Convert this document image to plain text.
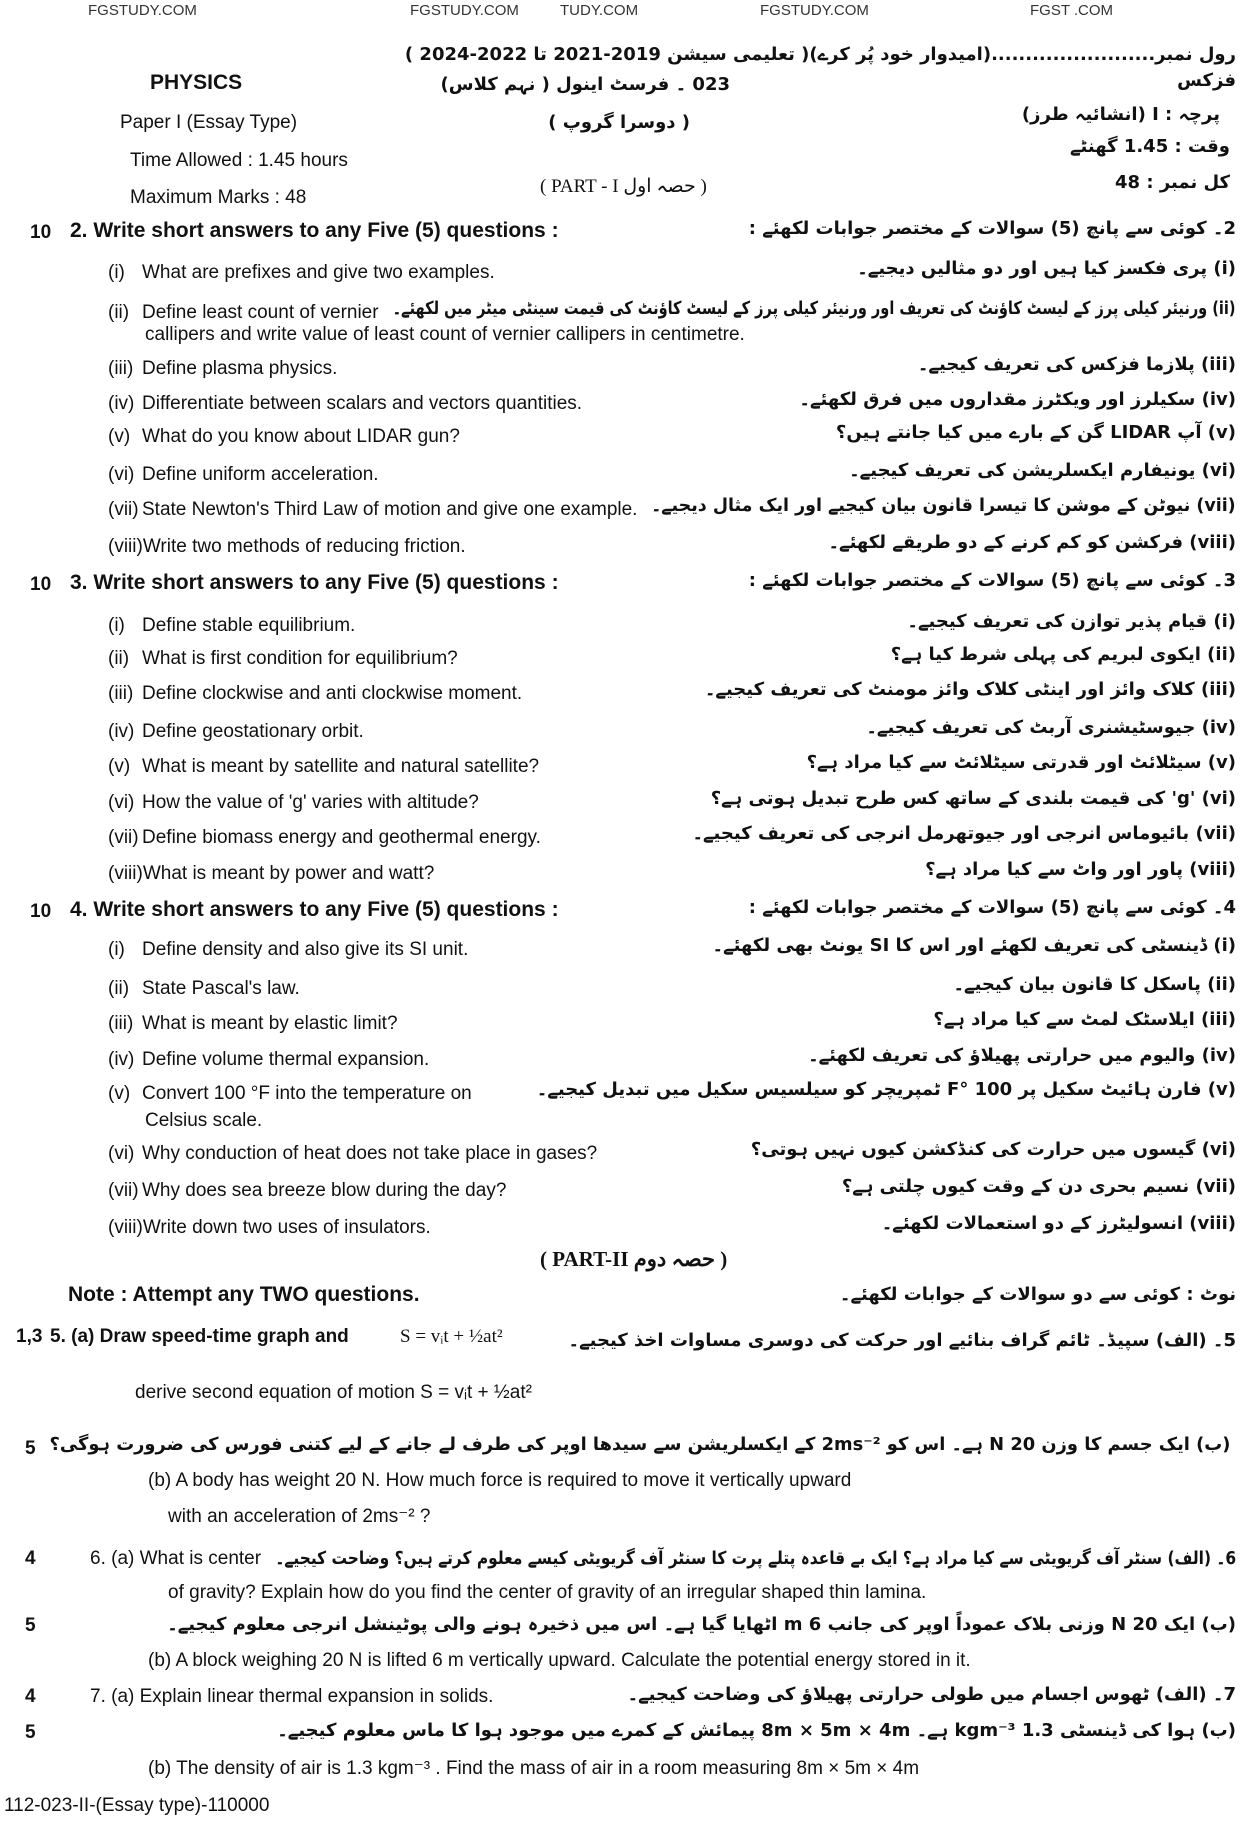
FGSTUDY.COM	FGSTUDY.COM	TUDY.COM	FGSTUDY.COM	FGST .COM
رول نمبر........................(امیدوار خود پُر کرے)( تعلیمی سیشن 2019-2021 تا 2022-2024 )
PHYSICS	فزکس
023 ۔ فرسٹ اینول ( نہم کلاس)
Paper I (Essay Type)	( دوسرا گروپ )	پرچہ : I (انشائیہ طرز)
Time Allowed : 1.45 hours
وقت : 1.45 گھنٹے
Maximum Marks : 48
کل نمبر : 48
( PART - I حصہ اول )
10 2. Write short answers to any Five (5) questions :	2۔ کوئی سے پانچ (5) سوالات کے مختصر جوابات لکھئے :
(i) What are prefixes and give two examples.	(i) پری فکسز کیا ہیں اور دو مثالیں دیجیے۔
(ii) Define least count of vernier (ii) ورنیئر کیلی پرز کے لیسٹ کاؤنٹ کی تعریف اور ورنیئر کیلی پرز کے لیسٹ کاؤنٹ کی قیمت سینٹی میٹر میں لکھئے۔
callipers and write value of least count of vernier callipers in centimetre.
(iii) Define plasma physics.	(iii) پلازما فزکس کی تعریف کیجیے۔
(iv) Differentiate between scalars and vectors quantities.	(iv) سکیلرز اور ویکٹرز مقداروں میں فرق لکھئے۔
(v) What do you know about LIDAR gun?	(v) آپ LIDAR گن کے بارے میں کیا جانتے ہیں؟
(vi) Define uniform acceleration.	(vi) یونیفارم ایکسلریشن کی تعریف کیجیے۔
(vii) State Newton's Third Law of motion and give one example. (vii) نیوٹن کے موشن کا تیسرا قانون بیان کیجیے اور ایک مثال دیجیے۔
(viii)Write two methods of reducing friction.	(viii) فرکشن کو کم کرنے کے دو طریقے لکھئے۔
10 3. Write short answers to any Five (5) questions :	3۔ کوئی سے پانچ (5) سوالات کے مختصر جوابات لکھئے :
(i) Define stable equilibrium.	(i) قیام پذیر توازن کی تعریف کیجیے۔
(ii) What is first condition for equilibrium?	(ii) ایکوی لبریم کی پہلی شرط کیا ہے؟
(iii) Define clockwise and anti clockwise moment.	(iii) کلاک وائز اور اینٹی کلاک وائز مومنٹ کی تعریف کیجیے۔
(iv) Define geostationary orbit.	(iv) جیوسٹیشنری آربٹ کی تعریف کیجیے۔
(v) What is meant by satellite and natural satellite?	(v) سیٹلائٹ اور قدرتی سیٹلائٹ سے کیا مراد ہے؟
(vi) How the value of 'g' varies with altitude?	(vi) 'g' کی قیمت بلندی کے ساتھ کس طرح تبدیل ہوتی ہے؟
(vii) Define biomass energy and geothermal energy.	(vii) بائیوماس انرجی اور جیوتھرمل انرجی کی تعریف کیجیے۔
(viii)What is meant by power and watt?	(viii) پاور اور واٹ سے کیا مراد ہے؟
10 4. Write short answers to any Five (5) questions :	4۔ کوئی سے پانچ (5) سوالات کے مختصر جوابات لکھئے :
(i) Define density and also give its SI unit.	(i) ڈینسٹی کی تعریف لکھئے اور اس کا SI یونٹ بھی لکھئے۔
(ii) State Pascal's law.	(ii) پاسکل کا قانون بیان کیجیے۔
(iii) What is meant by elastic limit?	(iii) ایلاسٹک لمٹ سے کیا مراد ہے؟
(iv) Define volume thermal expansion.	(iv) والیوم میں حرارتی پھیلاؤ کی تعریف لکھئے۔
(v) Convert 100 °F into the temperature on	(v) فارن ہائیٹ سکیل پر 100 °F ٹمپریچر کو سیلسیس سکیل میں تبدیل کیجیے۔
Celsius scale.
(vi) Why conduction of heat does not take place in gases?	(vi) گیسوں میں حرارت کی کنڈکشن کیوں نہیں ہوتی؟
(vii) Why does sea breeze blow during the day?	(vii) نسیم بحری دن کے وقت کیوں چلتی ہے؟
(viii)Write down two uses of insulators.	(viii) انسولیٹرز کے دو استعمالات لکھئے۔
( PART-II حصہ دوم )
Note : Attempt any TWO questions.	نوٹ : کوئی سے دو سوالات کے جوابات لکھئے۔
1,3 5. (a) Draw speed-time graph and	S = vᵢt + ½at²	5۔ (الف) سپیڈ۔ ٹائم گراف بنائیے اور حرکت کی دوسری مساوات اخذ کیجیے۔
derive second equation of motion S = vᵢt + ½at²
5 (ب) ایک جسم کا وزن 20 N ہے۔ اس کو 2ms⁻² کے ایکسلریشن سے سیدھا اوپر کی طرف لے جانے کے لیے کتنی فورس کی ضرورت ہوگی؟
(b) A body has weight 20 N. How much force is required to move it vertically upward
with an acceleration of 2ms⁻² ?
4	6. (a) What is center 6۔ (الف) سنٹر آف گریویٹی سے کیا مراد ہے؟ ایک بے قاعدہ پتلے پرت کا سنٹر آف گریویٹی کیسے معلوم کرتے ہیں؟ وضاحت کیجیے۔
of gravity? Explain how do you find the center of gravity of an irregular shaped thin lamina.
5	(ب) ایک 20 N وزنی بلاک عموداً اوپر کی جانب 6 m اٹھایا گیا ہے۔ اس میں ذخیرہ ہونے والی پوٹینشل انرجی معلوم کیجیے۔
(b) A block weighing 20 N is lifted 6 m vertically upward. Calculate the potential energy stored in it.
4	7. (a) Explain linear thermal expansion in solids.	7۔ (الف) ٹھوس اجسام میں طولی حرارتی پھیلاؤ کی وضاحت کیجیے۔
5	(ب) ہوا کی ڈینسٹی 1.3 kgm⁻³ ہے۔ 8m × 5m × 4m پیمائش کے کمرے میں موجود ہوا کا ماس معلوم کیجیے۔
(b) The density of air is 1.3 kgm⁻³ . Find the mass of air in a room measuring 8m × 5m × 4m
112-023-II-(Essay type)-110000
